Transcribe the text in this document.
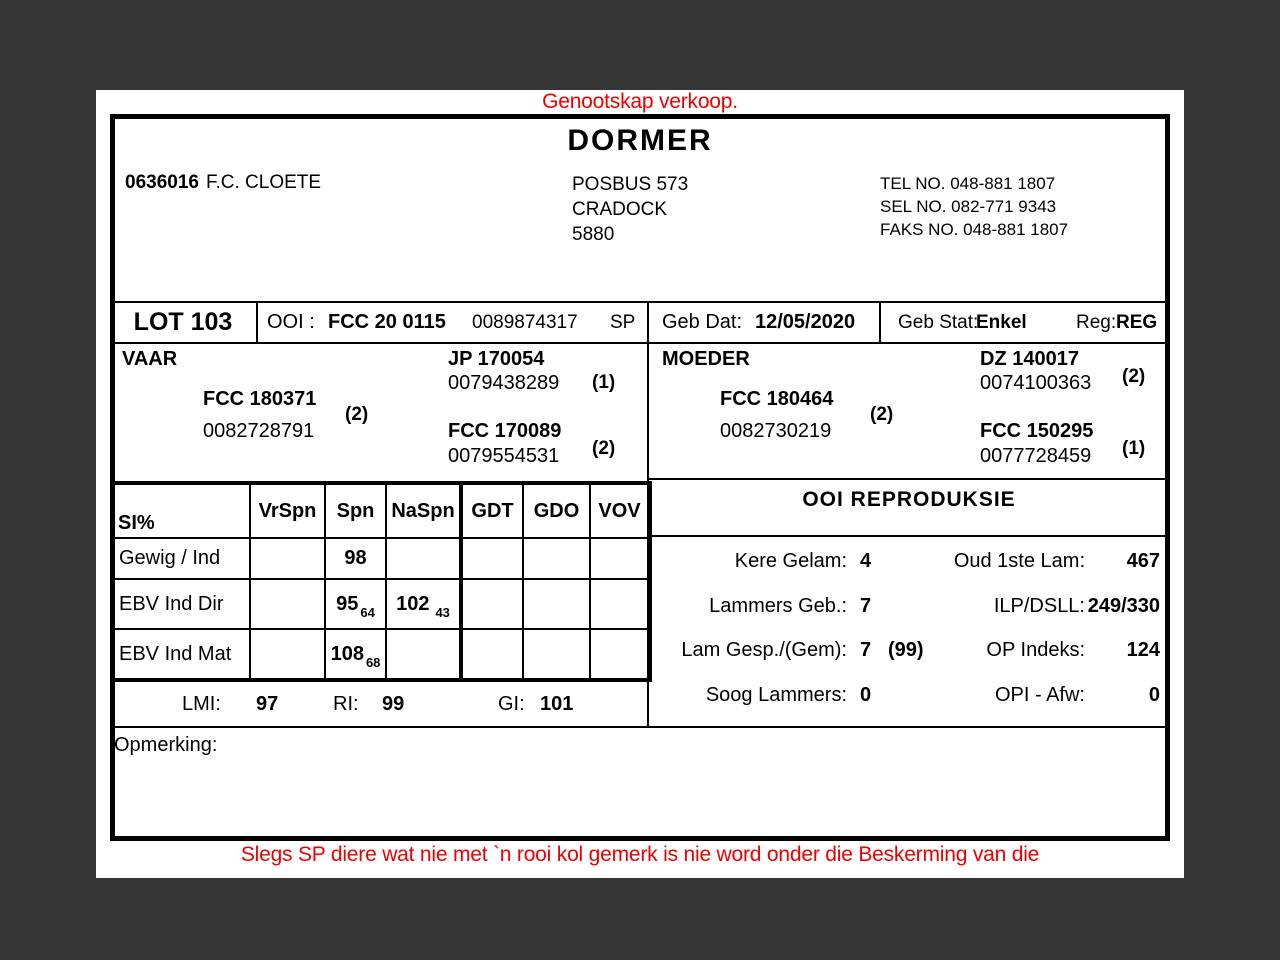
Genootskap verkoop.
DORMER
0636016 F.C. CLOETE	POSBUS 573
CRADOCK
5880
TEL NO. 048-881 1807
SEL NO. 082-771 9343
FAKS NO. 048-881 1807
LOT 103	OOI : FCC 20 0115 0089874317 SP Geb Dat: 12/05/2020 Geb Stat:
Enkel	Reg: REG
VAAR
FCC 180371
0082728791
(2)
JP 170054
0079438289 (1)
FCC 170089
0079554531 (2)
MOEDER
FCC 180464
0082730219
(2)
DZ 140017
0074100363 (2)
FCC 150295
0077728459 (1)
SI%	VrSpn	Spn	NaSpn	GDT	GDO	VOV
Gewig / Ind		98				
EBV Ind Dir		95 $_{64}$	102 $_{43}$			
EBV Ind Mat		108 $_{68}$				
LMI: 97	RI: 99	GI: 101
OOI REPRODUKSIE
Kere Gelam: 4	Oud 1ste Lam:	467
Lammers Geb.: 7	ILP/DSLL: 249/330
Lam Gesp./(Gem): 7 (99)	OP Indeks:	124
Soog Lammers: 0	OPI - Afw:	0
Opmerking:
Slegs SP diere wat nie met `n rooi kol gemerk is nie word onder die Beskerming van die
